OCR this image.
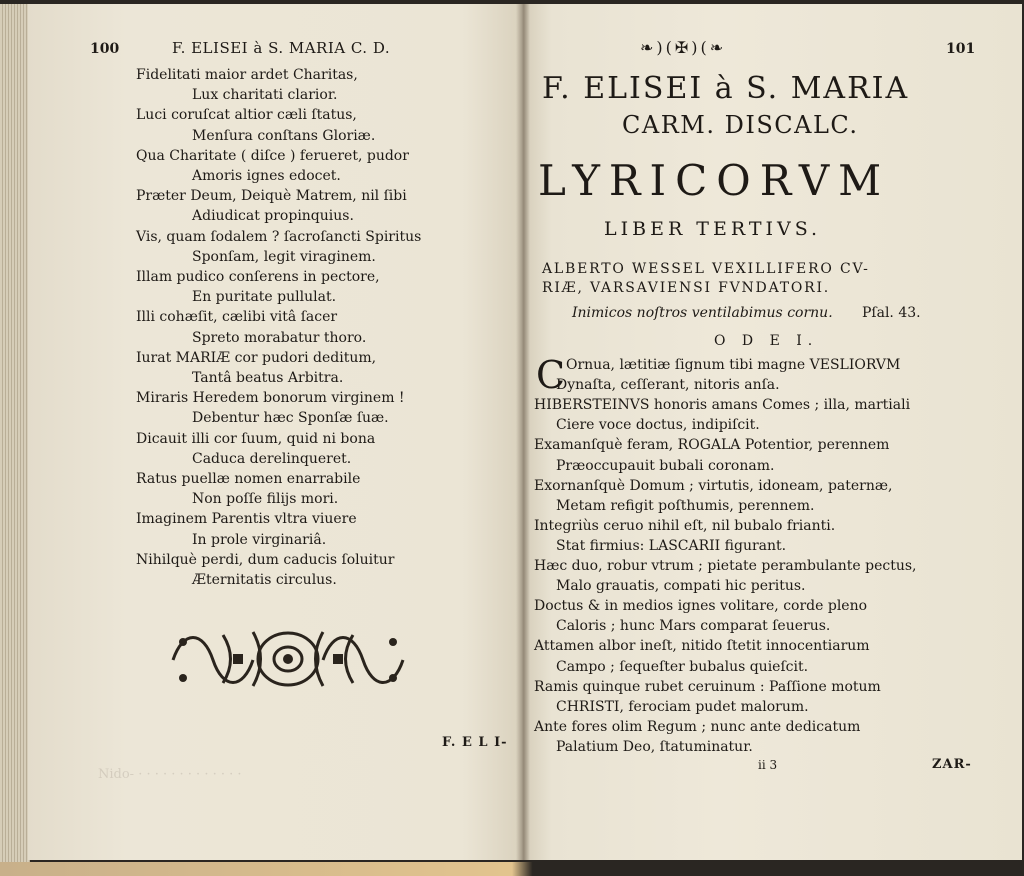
100	F. ELISEI à S. MARIA C. D.
Fidelitati maior ardet Charitas,
Lux charitati clarior.
Luci coruſcat altior cæli ſtatus,
Menſura conſtans Gloriæ.
Qua Charitate ( diſce ) ferueret, pudor
Amoris ignes edocet.
Præter Deum, Deiquè Matrem, nil ſibi
Adiudicat propinquius.
Vis, quam ſodalem ? ſacroſancti Spiritus
Sponſam, legit viraginem.
Illam pudico conſerens in pectore,
En puritate pullulat.
Illi cohæſit, cælibi vitâ ſacer
Spreto morabatur thoro.
Iurat MARIÆ cor pudori deditum,
Tantâ beatus Arbitra.
Miraris Heredem bonorum virginem !
Debentur hæc Sponſæ ſuæ.
Dicauit illi cor ſuum, quid ni bona
Caduca derelinqueret.
Ratus puellæ nomen enarrabile
Non poſſe filijs mori.
Imaginem Parentis vltra viuere
In prole virginariâ.
Nihilquè perdi, dum caducis ſoluitur
Æternitatis circulus.
F. E L I-
Nido- · · · · · · · · · · · · ·
❧)(✠)(❧	101
F. ELISEI à S. MARIA
CARM. DISCALC.
LYRICORVM
LIBER TERTIVS.
ALBERTO WESSEL VEXILLIFERO CV-
RIÆ, VARSAVIENSI FVNDATORI.
Inimicos noſtros ventilabimus cornu. Pſal. 43.
O D E I.
C Ornua, lætitiæ ſignum tibi magne VESLIORVM
Dynaſta, ceſſerant, nitoris anſa.
HIBERSTEINVS honoris amans Comes ; illa, martiali
Ciere voce doctus, indipiſcit.
Examanſquè feram, ROGALA Potentior, perennem
Præoccupauit bubali coronam.
Exornanſquè Domum ; virtutis, idoneam, paternæ,
Metam refigit poſthumis, perennem.
Integriùs ceruo nihil eſt, nil bubalo frianti.
Stat firmius: LASCARII figurant.
Hæc duo, robur vtrum ; pietate perambulante pectus,
Malo grauatis, compati hic peritus.
Doctus & in medios ignes volitare, corde pleno
Caloris ; hunc Mars comparat ſeuerus.
Attamen albor ineſt, nitido ſtetit innocentiarum
Campo ; ſequeſter bubalus quieſcit.
Ramis quinque rubet ceruinum : Paſſione motum
CHRISTI, ferociam pudet malorum.
Ante fores olim Regum ; nunc ante dedicatum
Palatium Deo, ſtatuminatur.
ii 3	ZAR-
